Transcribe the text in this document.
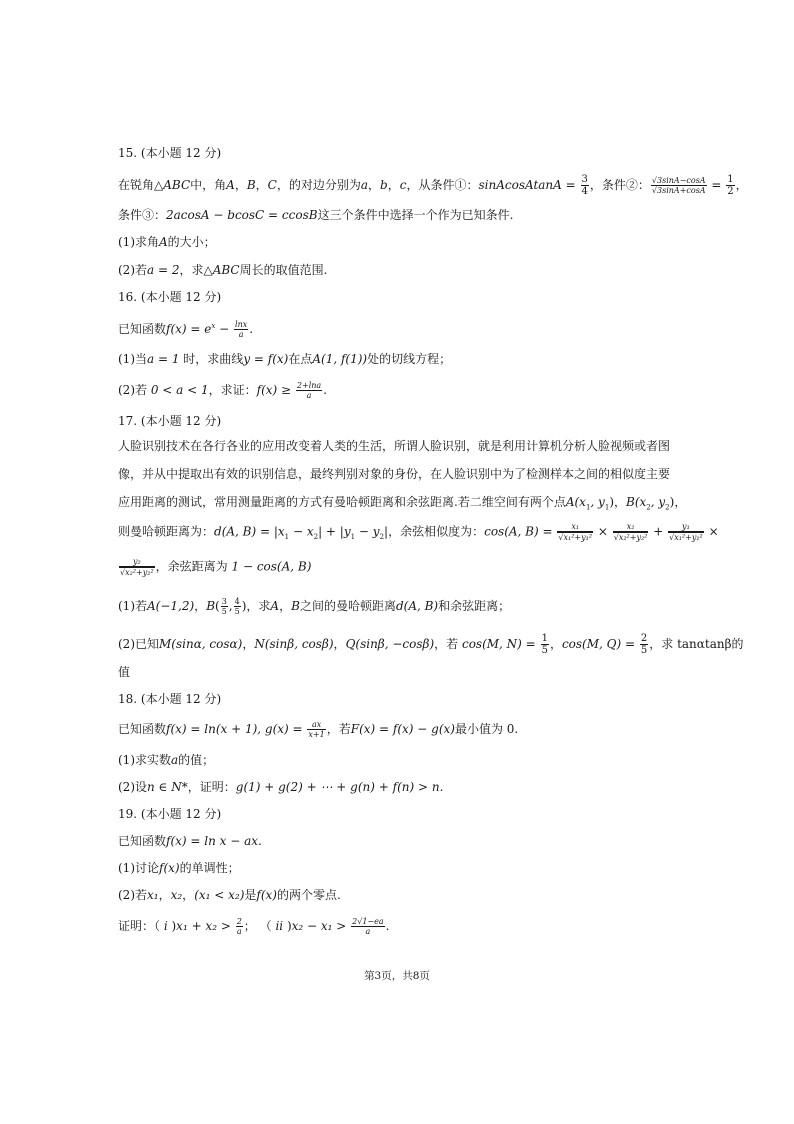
15. (本小题 12 分)
在锐角△ABC中，角A，B，C，的对边分别为a，b，c，从条件①：sinAcosAtanA = $\frac{3}{4}$ ，条件②： $\frac{√3\sin A-\cos A}{√3\sin A+\cos A} = \frac{1}{2}$ ，
条件③：2acosA − bcosC = ccosB这三个条件中选择一个作为已知条件.
(1)求角A的大小；
(2)若a = 2，求△ABC周长的取值范围.
16. (本小题 12 分)
已知函数$f(x) = e^x - \frac{\ln x}{a}$ .
(1)当a = 1 时，求曲线y = f(x)在点A(1, f(1))处的切线方程；
(2)若 0 < a < 1，求证：$f(x) \ge \frac{2+\ln a}{a}$ .
17. (本小题 12 分)
人脸识别技术在各行各业的应用改变着人类的生活，所谓人脸识别，就是利用计算机分析人脸视频或者图
像，并从中提取出有效的识别信息，最终判别对象的身份，在人脸识别中为了检测样本之间的相似度主要
应用距离的测试，常用测量距离的方式有曼哈顿距离和余弦距离.若二维空间有两个点$A(x_1$, $y_1$)，$B(x_2$, $y_2$)，
则曼哈顿距离为：d(A, $B) = |x_1 - x_2| + |y_1 - y_2|$，余弦相似度为：cos(A, $B) = \frac{\text{x₁}}{\text{√x₁²+y₁²}} \times \frac{\text{x₂}}{\text{√x₂²+y₂²}} + \frac{\text{y₁}}{\text{√x₁²+y₁²}}$ ×
$\frac{\text{y₂}}{\text{√x₂²+y₂²}}$ ，余弦距离为 1 − cos(A, B)
(1)若A(−1,2)，$B( \frac{3}{5}$ , $\frac{4}{5}$ )，求A，B之间的曼哈顿距离d(A, B)和余弦距离；
(2)已知M(sinα, cosα)，N(sinβ, cosβ)，Q(sinβ, −cosβ)，若 cos(M, $N) = \frac{1}{5}$ ，cos(M, $Q) = \frac{2}{5}$ ，求 tanαtanβ的
值
18. (本小题 12 分)
已知函数f(x) = ln(x + 1), $g(x) = \frac{ax}{x+1}$ ，若F(x) = f(x) − g(x)最小值为 0.
(1)求实数a的值；
(2)设n ∈ N*，证明：g(1) + g(2) + ⋯ + g(n) + f(n) > n.
19. (本小题 12 分)
已知函数f(x) = ln x − ax.
(1)讨论f(x)的单调性；
(2)若x₁，x₂，(x₁ < x₂)是f(x)的两个零点.
证明：（ i )$x_1 + x_2 > \frac{2}{a}$ ； （ ii )$x_2 - x_1 > \frac{2√1-ea}{a}$ .
第3页，共8页
